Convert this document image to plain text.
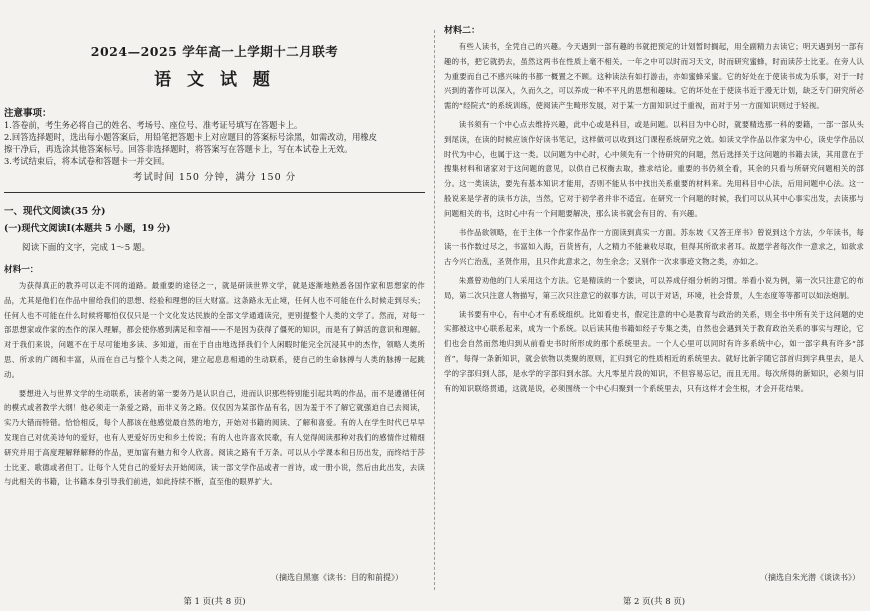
2024—2025 学年高一上学期十二月联考
语 文 试 题
注意事项：

1.答卷前，考生务必将自己的姓名、考场号、座位号、准考证号填写在答题卡上。

2.回答选择题时，选出每小题答案后，用铅笔把答题卡上对应题目的答案标号涂黑，如需改动，用橡皮

擦干净后，再选涂其他答案标号。回答非选择题时，将答案写在答题卡上，写在本试卷上无效。

3.考试结束后，将本试卷和答题卡一并交回。

考试时间 150 分钟，满分 150 分

一、现代文阅读(35 分)

(一)现代文阅读Ⅰ(本题共 5 小题，19 分)

阅读下面的文字，完成 1～5 题。

材料一：

为获得真正的教养可以走不同的道路。最重要的途径之一，就是研读世界文学，就是逐渐地熟悉各国作家和思想家的作品，尤其是他们在作品中留给我们的思想、经验和理想的巨大财富。这条路永无止境，任何人也不可能在什么时候走到尽头；任何人也不可能在什么时候将哪怕仅仅只是一个文化发达民族的全部文学通通读完，更别提整个人类的文学了。然而，对每一部思想家或作家的杰作的深入理解，都会使你感到满足和幸福——不是因为获得了僵死的知识，而是有了鲜活的意识和理解。对于我们来说，问题不在于尽可能地多读、多知道，而在于自由地选择我们个人闲暇时能完全沉浸其中的杰作，领略人类所思、所求的广阔和丰富，从而在自己与整个人类之间，建立起息息相通的生动联系，使自己的生命脉搏与人类的脉搏一起跳动。

要想进入与世界文学的生动联系，读者的第一要务乃是认识自己，进而认识那些特别能引起共鸣的作品，而不是遵循任何的模式或者教学大纲！他必须走一条爱之路，而非义务之路。仅仅因为某部作品有名，因为羞于不了解它就强迫自己去阅读，实乃大错而特错。恰恰相反，每个人都该在他感觉最自然的地方，开始对书籍的阅读、了解和喜爱。有的人在学生时代已早早发现自己对优美诗句的爱好，也有人更爱好历史和乡土传说；有的人也许喜欢民歌，有人觉得阅读那种对我们的感情作过精细研究并用于高度理解释解释的作品，更加富有魅力和令人欣喜。阅读之路有千万条。可以从小学课本和日历出发，而终结于莎士比亚、歌德或者但丁。让每个人凭自己的爱好去开始阅读，读一部文学作品或者一首诗，或一册小说，然后由此出发，去读与此相关的书籍，让书籍本身引导我们前进，如此持续不断，直至他的眼界扩大。

（摘选自黑塞《读书：目的和前提》）
第 1 页(共 8 页)

材料二：

有些人读书，全凭自己的兴趣。今天遇到一部有趣的书就把预定的计划暂时搁起，用全副精力去读它；明天遇到另一部有趣的书，把它就扔去，虽然这两书在性质上毫不相关。一年之中可以时而习天文，时而研究蜜蜂，时而读莎士比亚。在旁人认为重要而自己不感兴味的书都一概置之不顾。这种读法有如打游击，亦如蜜蜂采蜜。它的好处在于使读书成为乐事，对于一时兴到的著作可以深入，久而久之，可以养成一种不平凡的思想和趣味。它的坏处在于使读书近于漫无计划，缺乏专门研究所必需的“经院式”的系统训练，使阅读产生畸形发展，对于某一方面知识过于重视，而对于另一方面知识则过于轻视。

读书须有一个中心点去维持兴趣，此中心或是科目，或是问题。以科目为中心时，就要精选那一科的要籍，一部一部从头到尾读，在读的时候应该作好读书笔记，这样做可以收到这门课程系统研究之效。如读文学作品以作家为中心，读史学作品以时代为中心，也属于这一类。以问题为中心时，心中须先有一个待研究的问题，然后选择关于这问题的书籍去读，其用意在于搜集材料和诸家对于这问题的意见，以供自己权衡去取，推求结论。重要的书仍须全看，其余的只看与所研究问题相关的部分。这一类读法，要先有基本知识才能用，否则不能从书中找出关系重要的材料来。先用科目中心法，后用问题中心法。这一般说来是学者的读书方法，当然，它对于初学者并非不适宜。在研究一个问题的时候，我们可以从其中心事实出发，去读那与问题相关的书，这时心中有一个问题要解决，那么读书就会有目的、有兴趣。

书作品欲领略，在于主体一个作家作品作一方面读到真实一方面。苏东坡《又答王庠书》曾说到这个方法，少年读书，每读一书作数过尽之，书富如入海，百货皆有，人之精力不能兼收尽取，但得其所欲求者耳。故愿学者每次作一意求之，如欲求古今兴亡治乱，圣贤作用，且只作此意求之，勿生余念；又别作一次求事迹文物之类，亦如之。

朱熹曾劝他的门人采用这个方法。它是精读的一个要诀，可以养成仔细分析的习惯。举看小说为例，第一次只注意它的布局，第二次只注意人物描写，第三次只注意它的叙事方法，可以于对话，环境，社会背景，人生态度等等都可以如法炮制。

读书要有中心，有中心才有系统组织。比如看史书，假定注意的中心是教育与政治的关系，则全书中所有关于这问题的史实都被这中心联系起来，成为一个系统。以后读其他书籍如经子专集之类，自然也会遇到关于教育政治关系的事实与理论，它们也会自然而然地归到从前看史书时所形成的那个系统里去。一个人心里可以同时有许多系统中心，如一部字典有许多“部首”，每得一条新知识，就会依物以类聚的原则，汇归到它的性质相近的系统里去。就好比新字随它部首归到字典里去，是人学的字部归到人部，是水学的字部归到水部。大凡零星片段的知识，不但容易忘记，而且无用。每次所得的新知识，必须与旧有的知识联络贯通，这就是说，必须围绕一个中心归聚到一个系统里去，只有这样才会生根，才会开花结果。

（摘选自朱光潜《谈读书》）
第 2 页(共 8 页)
